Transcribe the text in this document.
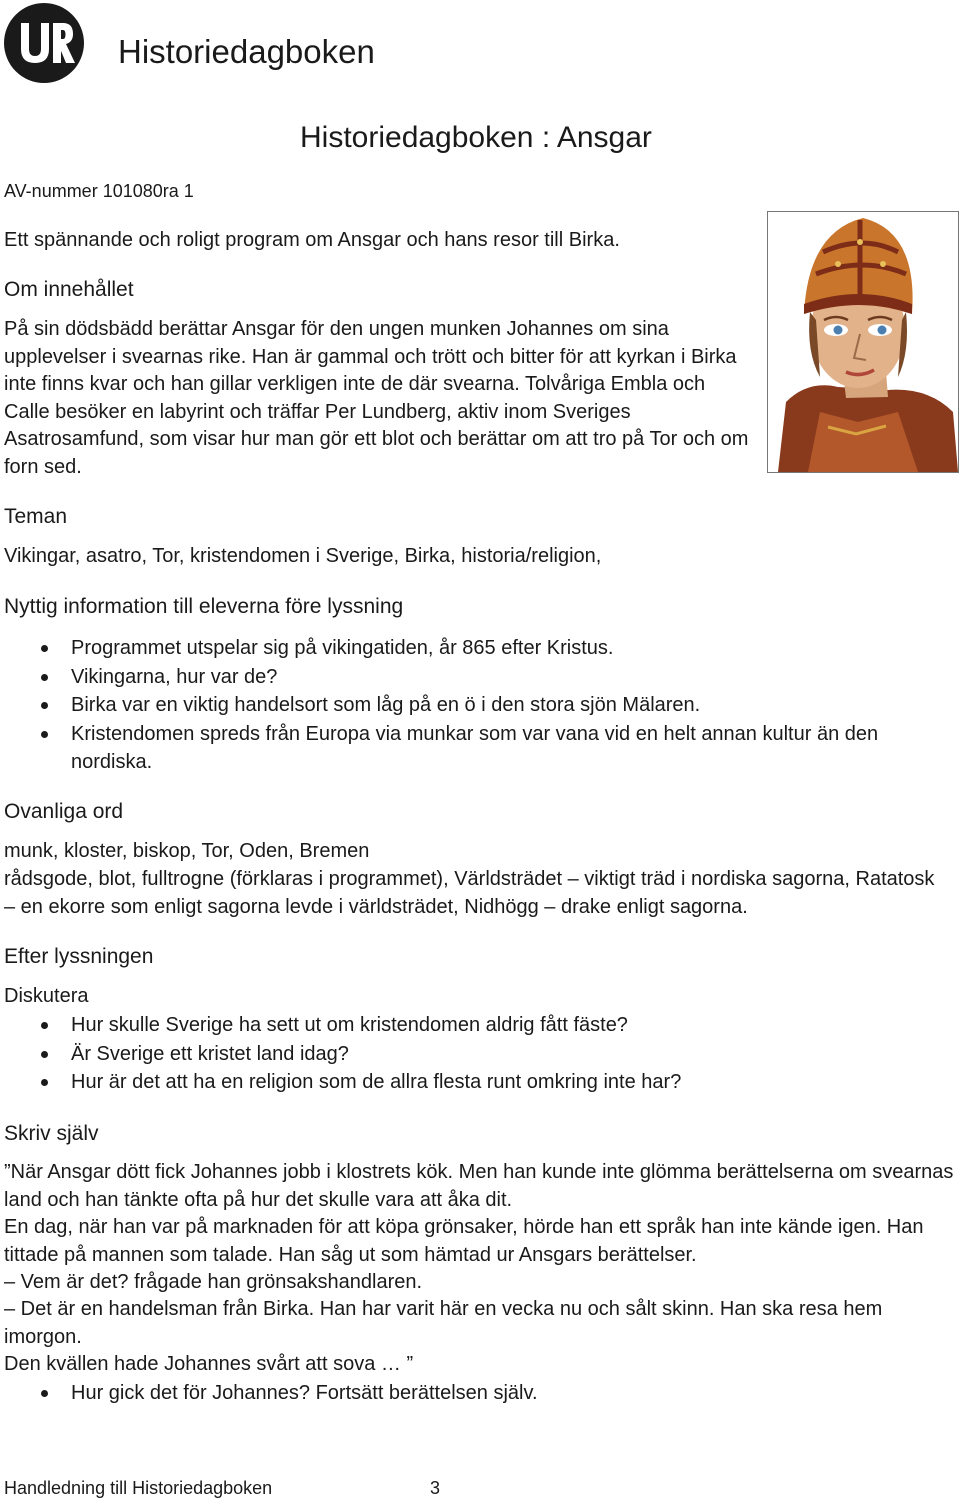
Historiedagboken
Historiedagboken : Ansgar
AV-nummer 101080ra 1

Ett spännande och roligt program om Ansgar och hans resor till Birka.

Om innehållet

På sin dödsbädd berättar Ansgar för den ungen munken Johannes om sina upplevelser i svearnas rike. Han är gammal och trött och bitter för att kyrkan i Birka inte finns kvar och han gillar verkligen inte de där svearna. Tolvåriga Embla och Calle besöker en labyrint och träffar Per Lundberg, aktiv inom Sveriges Asatrosamfund, som visar hur man gör ett blot och berättar om att tro på Tor och om forn sed.

Teman

Vikingar, asatro, Tor, kristendomen i Sverige, Birka, historia/religion,

Nyttig information till eleverna före lyssning
Programmet utspelar sig på vikingatiden, år 865 efter Kristus.
Vikingarna, hur var de?
Birka var en viktig handelsort som låg på en ö i den stora sjön Mälaren.
Kristendomen spreds från Europa via munkar som var vana vid en helt annan kultur än den nordiska.
Ovanliga ord

munk, kloster, biskop, Tor, Oden, Bremen

rådsgode, blot, fulltrogne (förklaras i programmet), Världsträdet – viktigt träd i nordiska sagorna, Ratatosk – en ekorre som enligt sagorna levde i världsträdet, Nidhögg – drake enligt sagorna.

Efter lyssningen

Diskutera

Hur skulle Sverige ha sett ut om kristendomen aldrig fått fäste?
Är Sverige ett kristet land idag?
Hur är det att ha en religion som de allra flesta runt omkring inte har?
Skriv själv

”När Ansgar dött fick Johannes jobb i klostrets kök. Men han kunde inte glömma berättelserna om svearnas land och han tänkte ofta på hur det skulle vara att åka dit.

En dag, när han var på marknaden för att köpa grönsaker, hörde han ett språk han inte kände igen. Han tittade på mannen som talade. Han såg ut som hämtad ur Ansgars berättelser.

– Vem är det? frågade han grönsakshandlaren.

– Det är en handelsman från Birka. Han har varit här en vecka nu och sålt skinn. Han ska resa hem imorgon.

Den kvällen hade Johannes svårt att sova … ”

Hur gick det för Johannes? Fortsätt berättelsen själv.
Handledning till Historiedagboken	3
